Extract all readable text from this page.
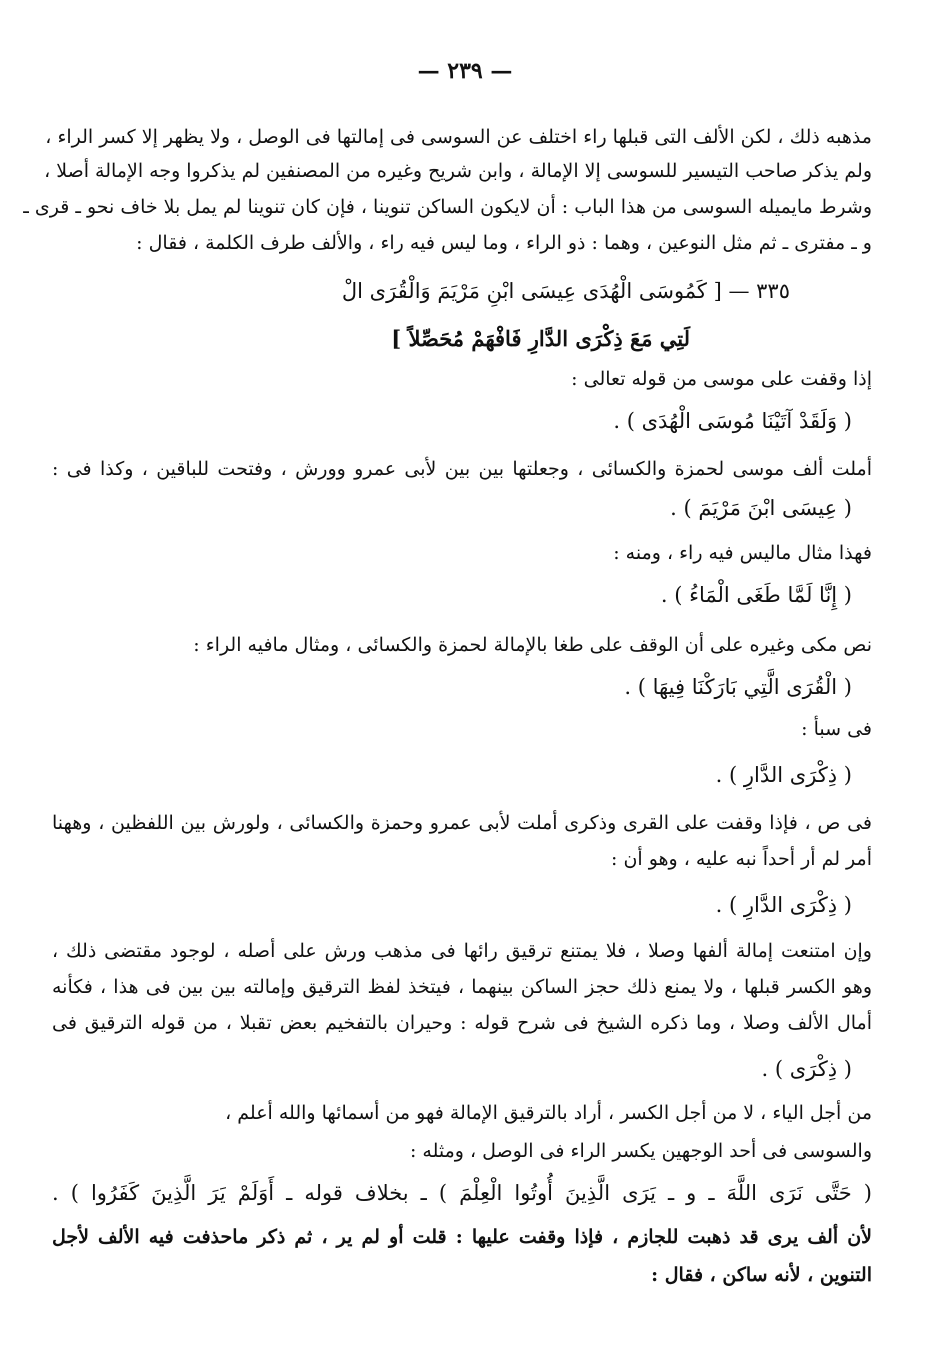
— ٢٣٩ —
مذهبه ذلك ، لكن الألف التى قبلها راء اختلف عن السوسى فى إمالتها فى الوصل ، ولا يظهر إلا كسر الراء ،
ولم يذكر صاحب التيسير للسوسى إلا الإمالة ، وابن شريح وغيره من المصنفين لم يذكروا وجه الإمالة أصلا ،
وشرط مايميله السوسى من هذا الباب : أن لايكون الساكن تنوينا ، فإن كان تنوينا لم يمل بلا خاف نحو ـ قرى ـ
و ـ مفترى ـ ثم مثل النوعين ، وهما : ذو الراء ، وما ليس فيه راء ، والألف طرف الكلمة ، فقال :
٣٣٥ — [ كَمُوسَى الْهُدَى عِيسَى ابْنِ مَرْيَمَ وَالْقُرَى الْ
لَتِي مَعَ ذِكْرَى الدَّارِ فَافْهَمْ مُحَصِّلاً ]
إذا وقفت على موسى من قوله تعالى :
( وَلَقَدْ آتَيْنَا مُوسَى الْهُدَى ) .
أملت ألف موسى لحمزة والكسائى ، وجعلتها بين بين لأبى عمرو وورش ، وفتحت للباقين ، وكذا فى :
( عِيسَى ابْنَ مَرْيَمَ ) .
فهذا مثال ماليس فيه راء ، ومنه :
( إِنَّا لَمَّا طَغَى الْمَاءُ ) .
نص مكى وغيره على أن الوقف على طغا بالإمالة لحمزة والكسائى ، ومثال مافيه الراء :
( الْقُرَى الَّتِي بَارَكْنَا فِيهَا ) .
فى سبأ :
( ذِكْرَى الدَّارِ ) .
فى ص ، فإذا وقفت على القرى وذكرى أملت لأبى عمرو وحمزة والكسائى ، ولورش بين اللفظين ، وههنا
أمر لم أر أحداً نبه عليه ، وهو أن :
( ذِكْرَى الدَّارِ ) .
وإن امتنعت إمالة ألفها وصلا ، فلا يمتنع ترقيق رائها فى مذهب ورش على أصله ، لوجود مقتضى ذلك ،
وهو الكسر قبلها ، ولا يمنع ذلك حجز الساكن بينهما ، فيتخذ لفظ الترقيق وإمالته بين بين فى هذا ، فكأنه
أمال الألف وصلا ، وما ذكره الشيخ فى شرح قوله : وحيران بالتفخيم بعض تقبلا ، من قوله الترقيق فى
( ذِكْرَى ) .
من أجل الياء ، لا من أجل الكسر ، أراد بالترقيق الإمالة فهو من أسمائها والله أعلم ،
والسوسى فى أحد الوجهين يكسر الراء فى الوصل ، ومثله :
( حَتَّى نَرَى اللَّهَ ـ و ـ يَرَى الَّذِينَ أُوتُوا الْعِلْمَ ) ـ بخلاف قوله ـ أَوَلَمْ يَرَ الَّذِينَ كَفَرُوا ) .
لأن ألف يرى قد ذهبت للجازم ، فإذا وقفت عليها : قلت أو لم ير ، ثم ذكر ماحذفت فيه الألف لأجل
التنوين ، لأنه ساكن ، فقال :
